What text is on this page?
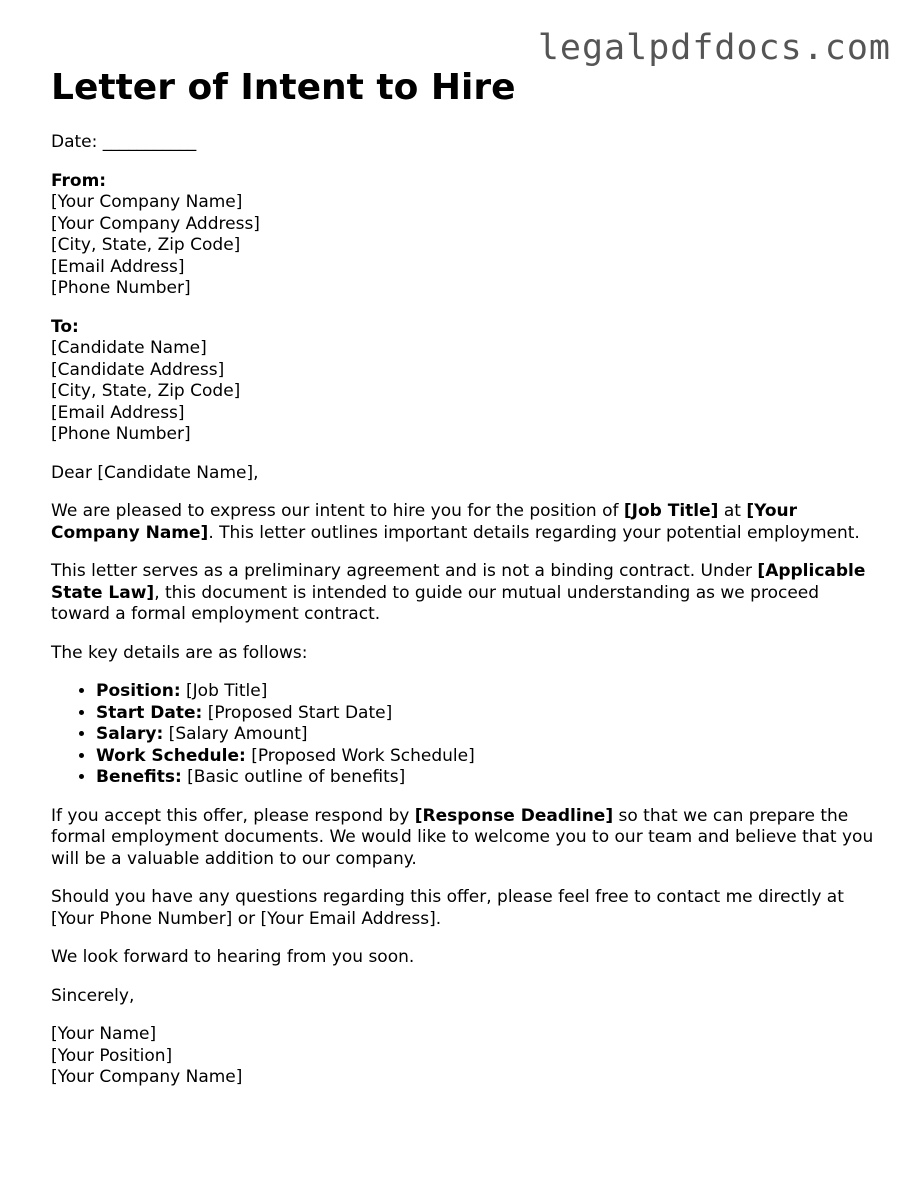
legalpdfdocs.com
Letter of Intent to Hire

Date: ___________

From:
[Your Company Name]
[Your Company Address]
[City, State, Zip Code]
[Email Address]
[Phone Number]
To:
[Candidate Name]
[Candidate Address]
[City, State, Zip Code]
[Email Address]
[Phone Number]

Dear [Candidate Name],

We are pleased to express our intent to hire you for the position of [Job Title] at [Your Company Name]. This letter outlines important details regarding your potential employment.

This letter serves as a preliminary agreement and is not a binding contract. Under [Applicable State Law], this document is intended to guide our mutual understanding as we proceed toward a formal employment contract.

The key details are as follows:

• Position: [Job Title]
• Start Date: [Proposed Start Date]
• Salary: [Salary Amount]
• Work Schedule: [Proposed Work Schedule]
• Benefits: [Basic outline of benefits]

If you accept this offer, please respond by [Response Deadline] so that we can prepare the formal employment documents. We would like to welcome you to our team and believe that you will be a valuable addition to our company.

Should you have any questions regarding this offer, please feel free to contact me directly at [Your Phone Number] or [Your Email Address].

We look forward to hearing from you soon.

Sincerely,

[Your Name]
[Your Position]
[Your Company Name]
